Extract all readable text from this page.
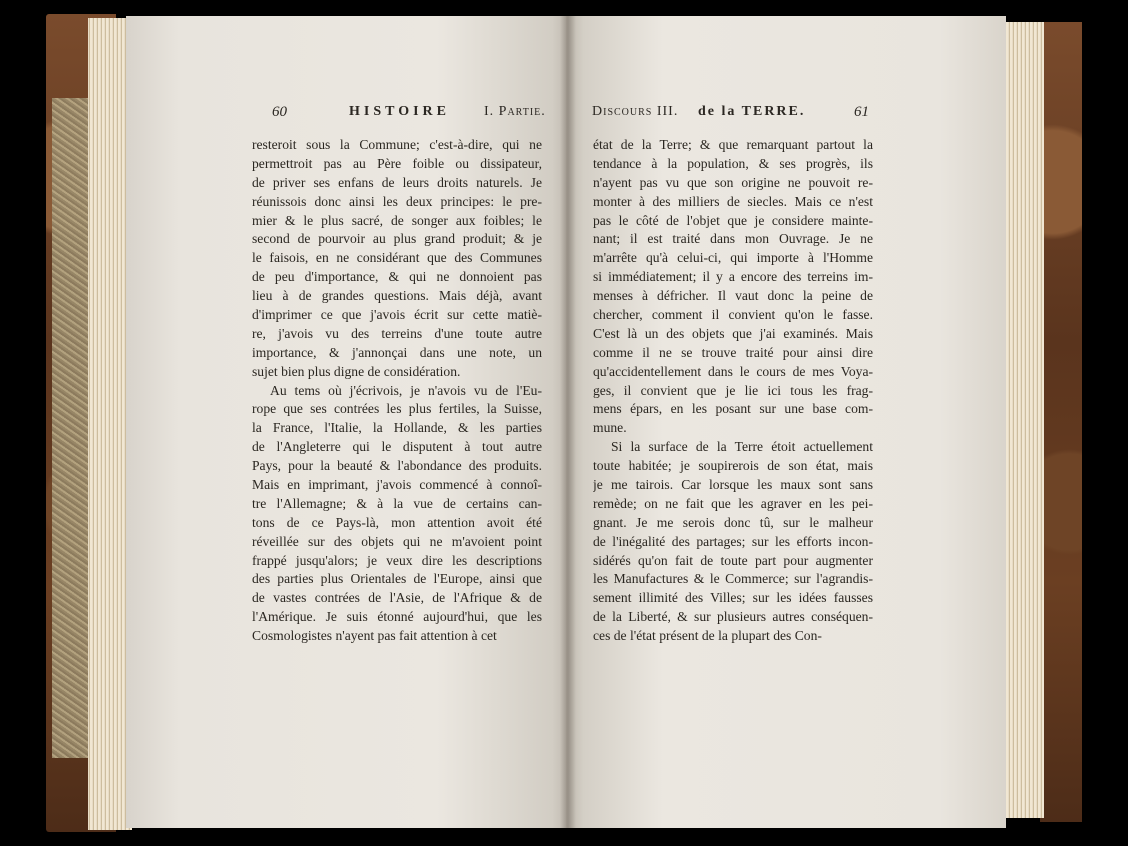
60	HISTOIRE I. Partie.
resteroit sous la Commune; c'est-à-dire, qui ne
permettroit pas au Père foible ou dissipateur,
de priver ses enfans de leurs droits naturels. Je
réunissois donc ainsi les deux principes: le pre-
mier & le plus sacré, de songer aux foibles; le
second de pourvoir au plus grand produit; & je
le faisois, en ne considérant que des Communes
de peu d'importance, & qui ne donnoient pas
lieu à de grandes questions. Mais déjà, avant
d'imprimer ce que j'avois écrit sur cette matiè-
re, j'avois vu des terreins d'une toute autre
importance, & j'annonçai dans une note, un
sujet bien plus digne de considération.
Au tems où j'écrivois, je n'avois vu de l'Eu-
rope que ses contrées les plus fertiles, la Suisse,
la France, l'Italie, la Hollande, & les parties
de l'Angleterre qui le disputent à tout autre
Pays, pour la beauté & l'abondance des produits.
Mais en imprimant, j'avois commencé à connoî-
tre l'Allemagne; & à la vue de certains can-
tons de ce Pays-là, mon attention avoit été
réveillée sur des objets qui ne m'avoient point
frappé jusqu'alors; je veux dire les descriptions
des parties plus Orientales de l'Europe, ainsi que
de vastes contrées de l'Asie, de l'Afrique & de
l'Amérique. Je suis étonné aujourd'hui, que les
Cosmologistes n'ayent pas fait attention à cet
Discours III. de la TERRE.	61
état de la Terre; & que remarquant partout la
tendance à la population, & ses progrès, ils
n'ayent pas vu que son origine ne pouvoit re-
monter à des milliers de siecles. Mais ce n'est
pas le côté de l'objet que je considere mainte-
nant; il est traité dans mon Ouvrage. Je ne
m'arrête qu'à celui-ci, qui importe à l'Homme
si immédiatement; il y a encore des terreins im-
menses à défricher. Il vaut donc la peine de
chercher, comment il convient qu'on le fasse.
C'est là un des objets que j'ai examinés. Mais
comme il ne se trouve traité pour ainsi dire
qu'accidentellement dans le cours de mes Voya-
ges, il convient que je lie ici tous les frag-
mens épars, en les posant sur une base com-
mune.
Si la surface de la Terre étoit actuellement
toute habitée; je soupirerois de son état, mais
je me tairois. Car lorsque les maux sont sans
remède; on ne fait que les agraver en les pei-
gnant. Je me serois donc tû, sur le malheur
de l'inégalité des partages; sur les efforts incon-
sidérés qu'on fait de toute part pour augmenter
les Manufactures & le Commerce; sur l'agrandis-
sement illimité des Villes; sur les idées fausses
de la Liberté, & sur plusieurs autres conséquen-
ces de l'état présent de la plupart des Con-
